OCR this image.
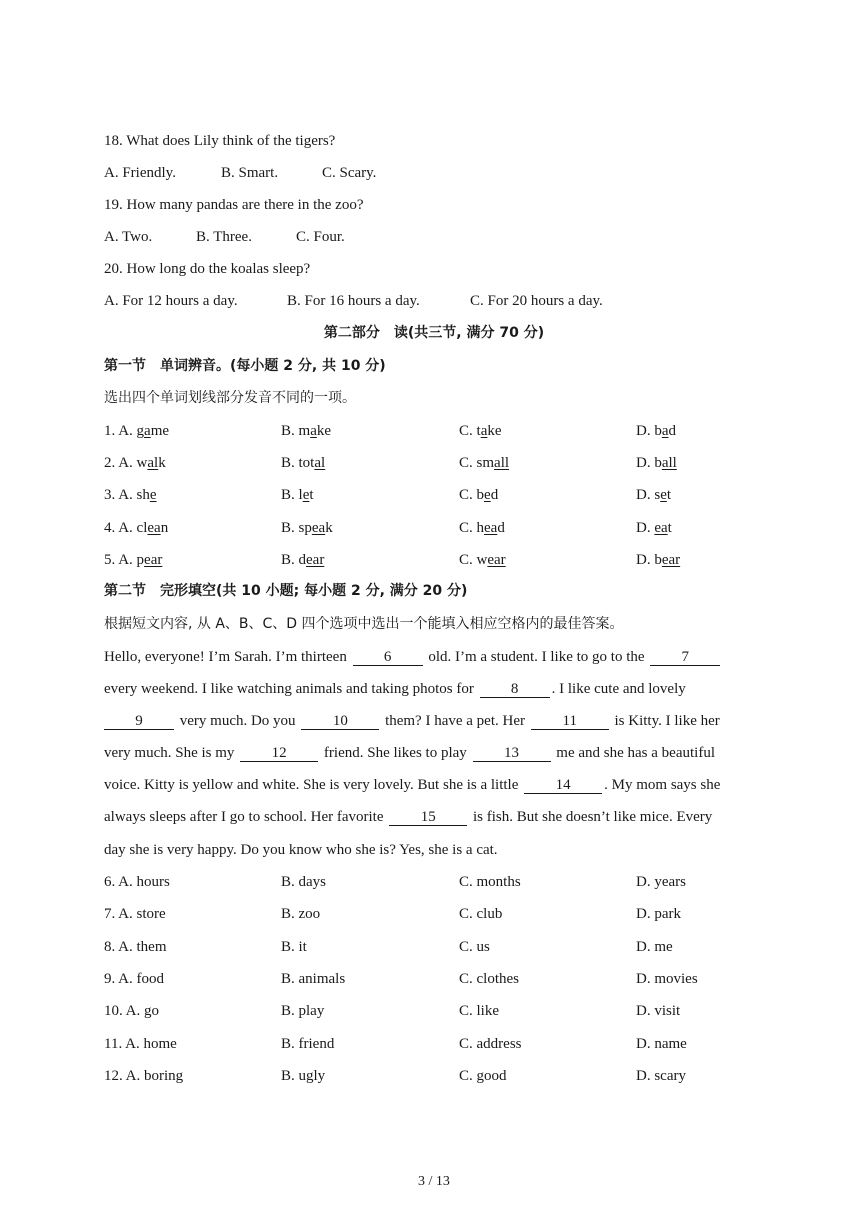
18. What does Lily think of the tigers?
A. Friendly.	B. Smart.	C. Scary.
19. How many pandas are there in the zoo?
A. Two.	B. Three.	C. Four.
20. How long do the koalas sleep?
A. For 12 hours a day.	B. For 16 hours a day.	C. For 20 hours a day.
第二部分　读(共三节, 满分 70 分)
第一节　单词辨音。(每小题 2 分, 共 10 分)
选出四个单词划线部分发音不同的一项。
1. A. game	B. make	C. take	D. bad
2. A. walk	B. total	C. small	D. ball
3. A. she	B. let	C. bed	D. set
4. A. clean	B. speak	C. head	D. eat
5. A. pear	B. dear	C. wear	D. bear
第二节　完形填空(共 10 小题; 每小题 2 分, 满分 20 分)
根据短文内容, 从 A、B、C、D 四个选项中选出一个能填入相应空格内的最佳答案。
Hello, everyone! I’m Sarah. I’m thirteen 6 old. I’m a student. I like to go to the 7
every weekend. I like watching animals and taking photos for 8 . I like cute and lovely
9 very much. Do you 10 them? I have a pet. Her	11	is Kitty. I like her
very much. She is my 12 friend. She likes to play 13 me and she has a beautiful
voice. Kitty is yellow and white. She is very lovely. But she is a little 14 . My mom says she
always sleeps after I go to school. Her favorite 15 is fish. But she doesn’t like mice. Every
day she is very happy. Do you know who she is? Yes, she is a cat.
6. A. hours	B. days	C. months	D. years
7. A. store	B. zoo	C. club	D. park
8. A. them	B. it	C. us	D. me
9. A. food	B. animals	C. clothes	D. movies
10. A. go	B. play	C. like	D. visit
11. A. home	B. friend	C. address	D. name
12. A. boring	B. ugly	C. good	D. scary
3 / 13
